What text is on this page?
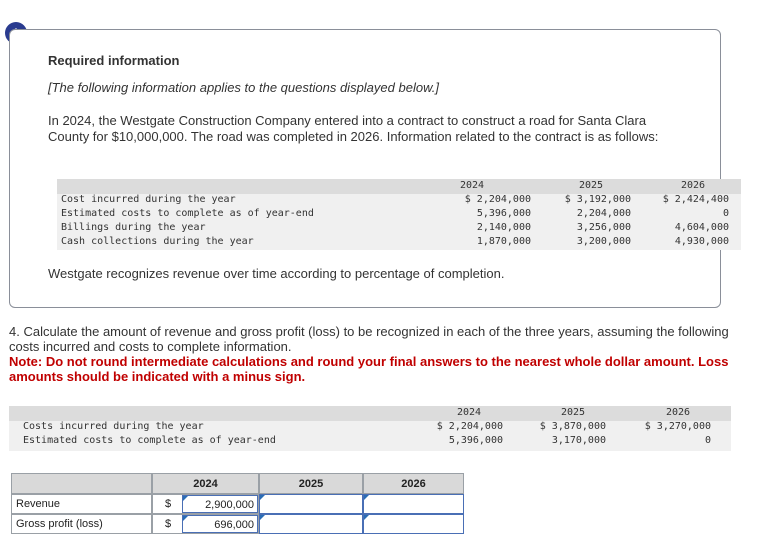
Required information
[The following information applies to the questions displayed below.]
In 2024, the Westgate Construction Company entered into a contract to construct a road for Santa Clara County for $10,000,000. The road was completed in 2026. Information related to the contract is as follows:
2024	2025	2026
Cost incurred during the year	$ 2,204,000	$ 3,192,000	$ 2,424,400
Estimated costs to complete as of year-end	5,396,000	2,204,000	0
Billings during the year	2,140,000	3,256,000	4,604,000
Cash collections during the year	1,870,000	3,200,000	4,930,000
Westgate recognizes revenue over time according to percentage of completion.
4. Calculate the amount of revenue and gross profit (loss) to be recognized in each of the three years, assuming the following costs incurred and costs to complete information.
Note: Do not round intermediate calculations and round your final answers to the nearest whole dollar amount. Loss amounts should be indicated with a minus sign.
2024	2025	2026
Costs incurred during the year	$ 2,204,000	$ 3,870,000	$ 3,270,000
Estimated costs to complete as of year-end	5,396,000	3,170,000	0
2024	2025	2026
Revenue	$	2,900,000
Gross profit (loss)	$	696,000
